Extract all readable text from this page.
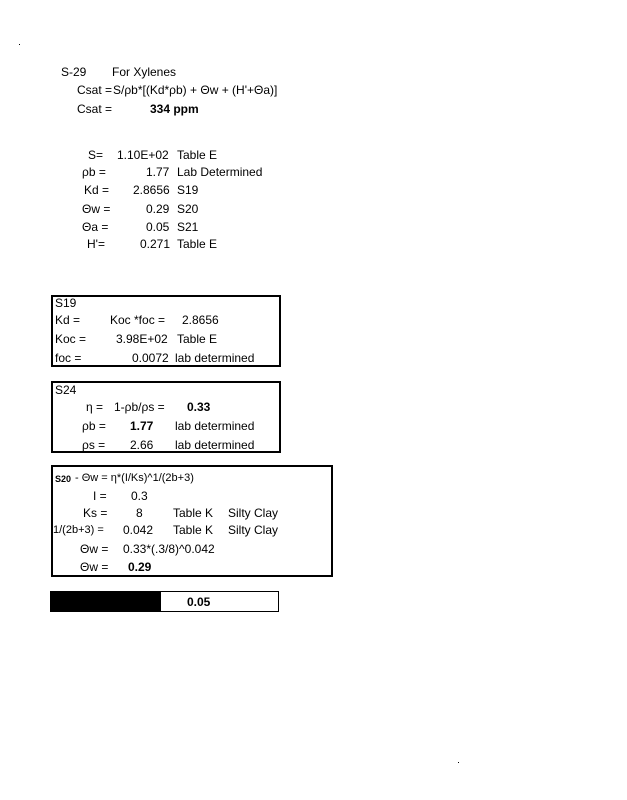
S-29 For Xylenes
Csat = S/ρb*[(Kd*ρb) + Θw + (H'+Θa)]
Csat =	334 ppm
S= 1.10E+02 Table E
ρb =	1.77 Lab Determined
Kd = 2.8656 S19
Θw =	0.29 S20
Θa =	0.05 S21
H'=	0.271 Table E
S19
Kd = Koc *foc = 2.8656
Koc = 3.98E+02 Table E
foc =	0.0072 lab determined
S24
η = 1-ρb/ρs = 0.33
ρb = 1.77 lab determined
ρs = 2.66 lab determined
S20 - Θw = η*(I/Ks)^1/(2b+3)
I = 0.3
Ks = 8	Table K Silty Clay
1/(2b+3) = 0.042 Table K Silty Clay
Θw = 0.33*(.3/8)^0.042
Θw = 0.29
0.05
